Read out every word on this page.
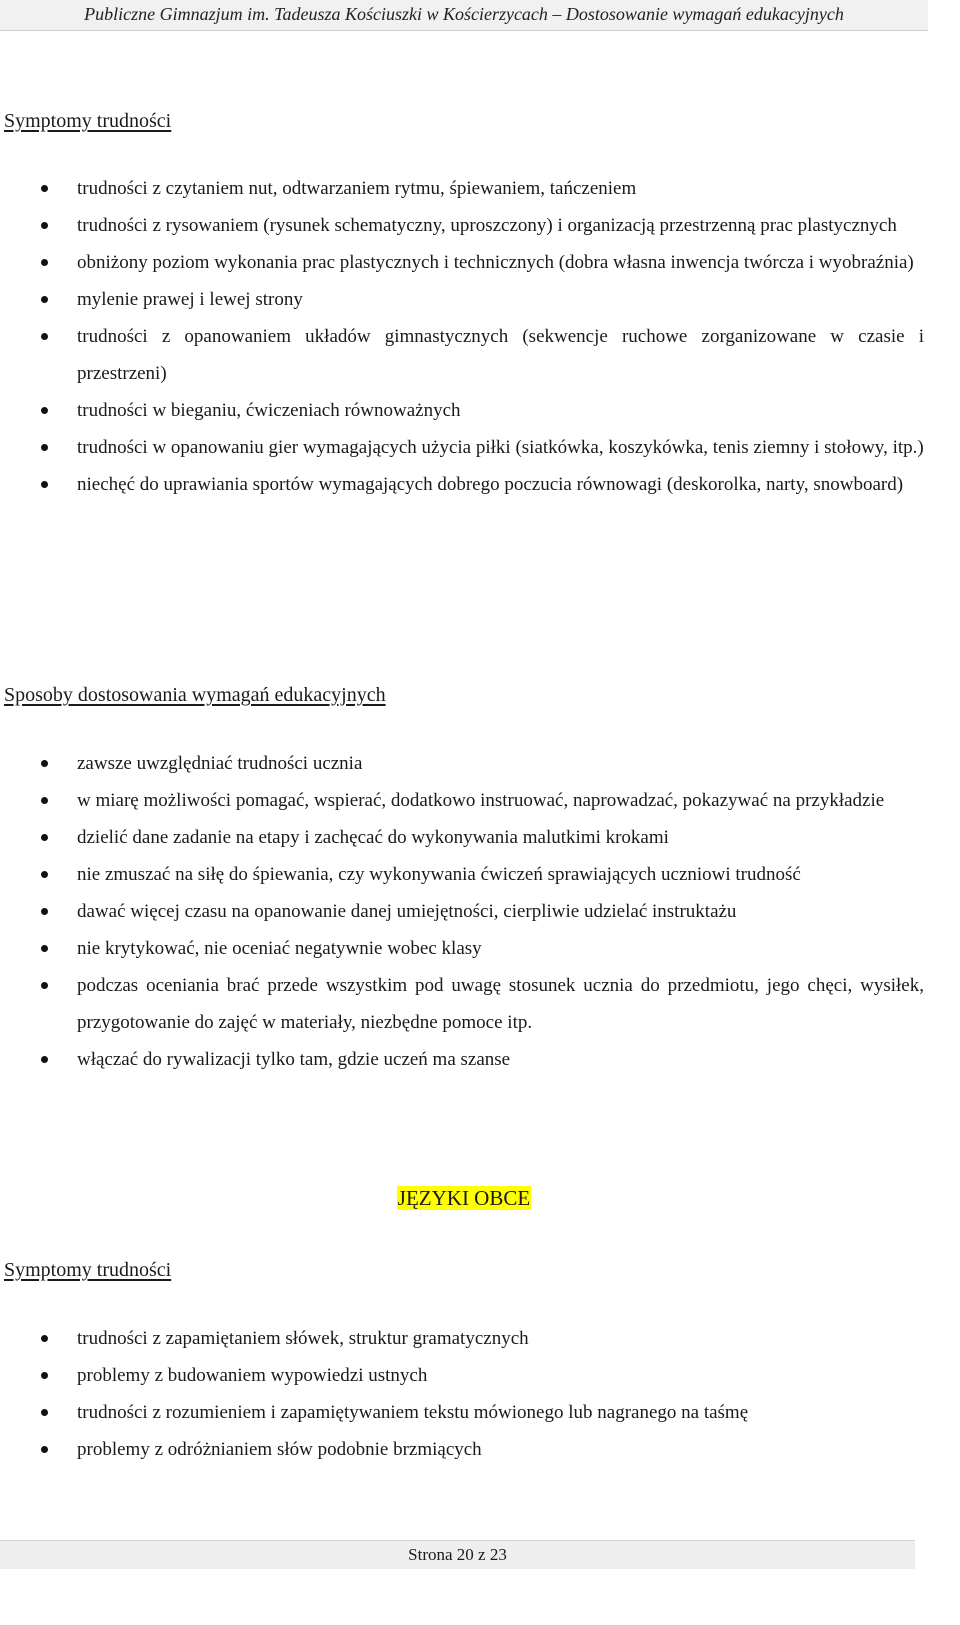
Publiczne Gimnazjum im. Tadeusza Kościuszki w Kościerzycach – Dostosowanie wymagań edukacyjnych
Symptomy trudności
trudności z czytaniem nut, odtwarzaniem rytmu, śpiewaniem, tańczeniem
trudności z rysowaniem (rysunek schematyczny, uproszczony) i organizacją przestrzenną prac plastycznych
obniżony poziom wykonania prac plastycznych i technicznych (dobra własna inwencja twórcza i wyobraźnia)
mylenie prawej i lewej strony
trudności z opanowaniem układów gimnastycznych (sekwencje ruchowe zorganizowane w czasie i przestrzeni)
trudności w bieganiu, ćwiczeniach równoważnych
trudności w opanowaniu gier wymagających użycia piłki (siatkówka, koszykówka, tenis ziemny i stołowy, itp.)
niechęć do uprawiania sportów wymagających dobrego poczucia równowagi (deskorolka, narty, snowboard)
Sposoby dostosowania wymagań edukacyjnych
zawsze uwzględniać trudności ucznia
w miarę możliwości pomagać, wspierać, dodatkowo instruować, naprowadzać, pokazywać na przykładzie
dzielić dane zadanie na etapy i zachęcać do wykonywania malutkimi krokami
nie zmuszać na siłę do śpiewania, czy wykonywania ćwiczeń sprawiających uczniowi trudność
dawać więcej czasu na opanowanie danej umiejętności, cierpliwie udzielać instruktażu
nie krytykować, nie oceniać negatywnie wobec klasy
podczas oceniania brać przede wszystkim pod uwagę stosunek ucznia do przedmiotu, jego chęci, wysiłek, przygotowanie do zajęć w materiały, niezbędne pomoce itp.
włączać do rywalizacji tylko tam, gdzie uczeń ma szanse
JĘZYKI OBCE
Symptomy trudności
trudności z zapamiętaniem słówek, struktur gramatycznych
problemy z budowaniem wypowiedzi ustnych
trudności z rozumieniem i zapamiętywaniem tekstu mówionego lub nagranego na taśmę
problemy z odróżnianiem słów podobnie brzmiących
Strona 20 z 23
